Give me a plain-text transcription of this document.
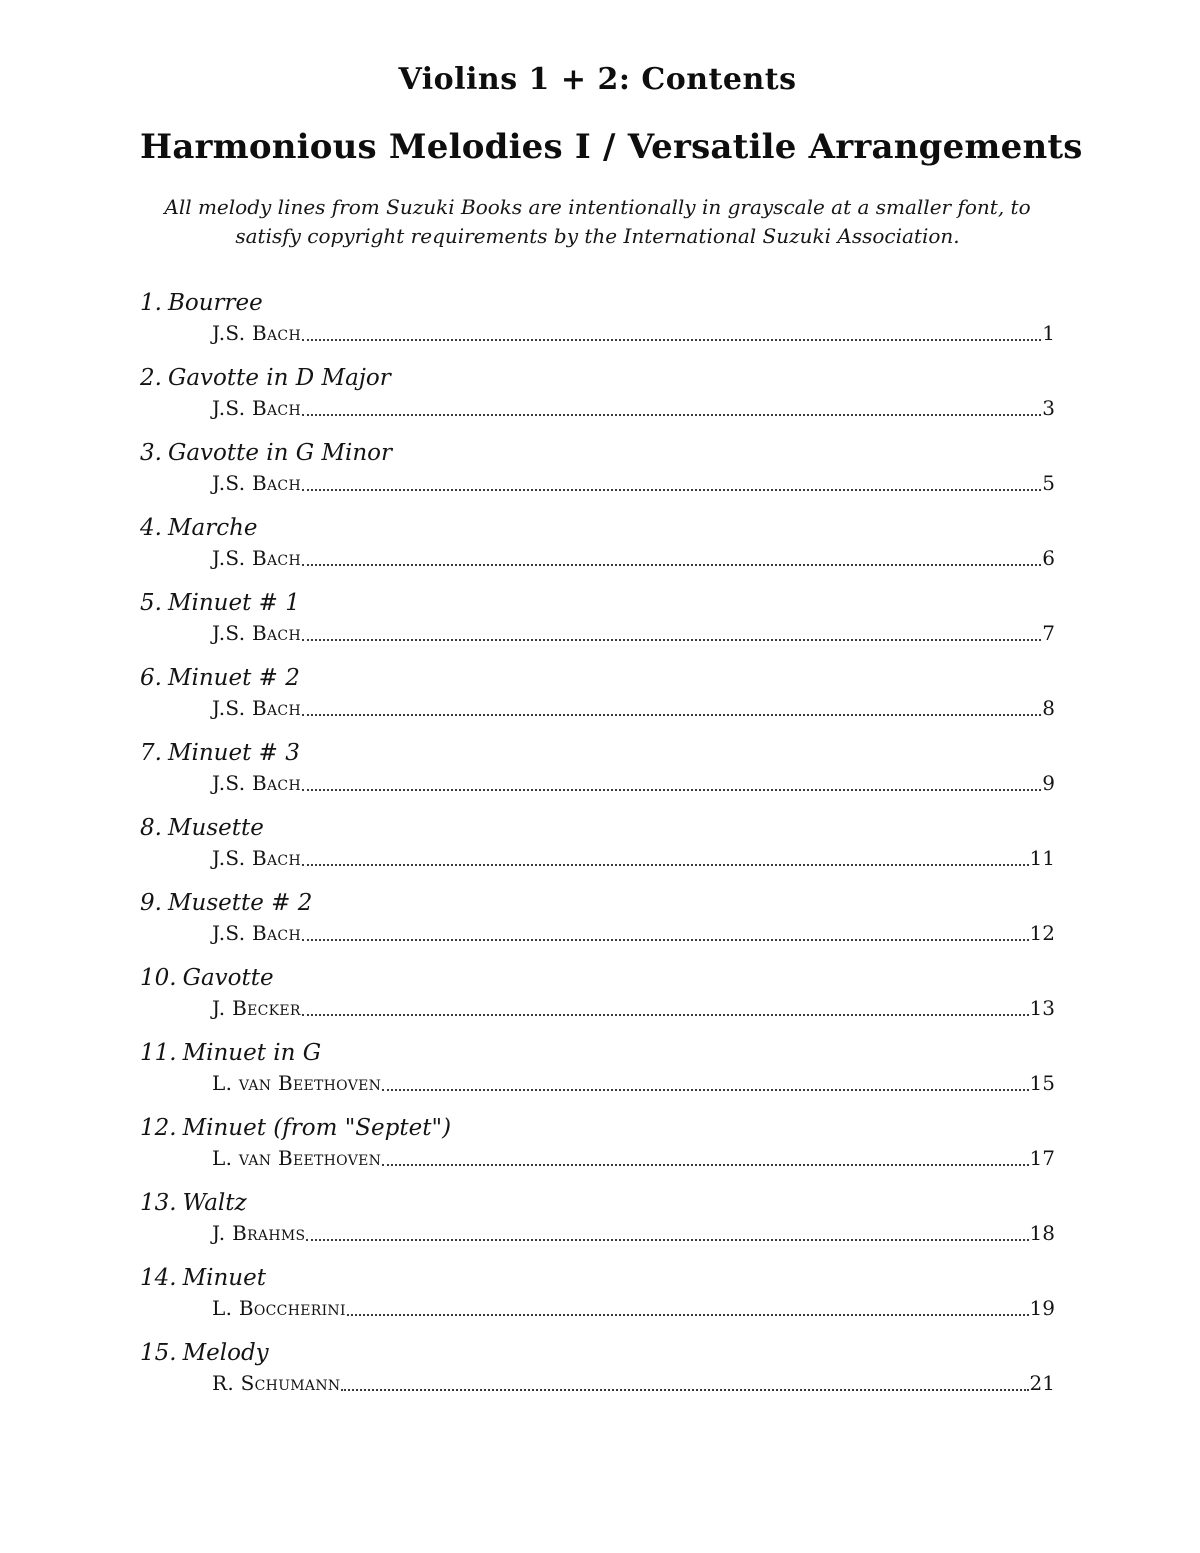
Violins 1 + 2: Contents
Harmonious Melodies I / Versatile Arrangements

All melody lines from Suzuki Books are intentionally in grayscale at a smaller font, to satisfy copyright requirements by the International Suzuki Association.

1. Bourree
J.S. Bach	1
2. Gavotte in D Major
J.S. Bach	3
3. Gavotte in G Minor
J.S. Bach	5
4. Marche
J.S. Bach	6
5. Minuet # 1
J.S. Bach	7
6. Minuet # 2
J.S. Bach	8
7. Minuet # 3
J.S. Bach	9
8. Musette
J.S. Bach	11
9. Musette # 2
J.S. Bach	12
10. Gavotte
J. Becker	13
11. Minuet in G
L. van Beethoven	15
12. Minuet (from "Septet")
L. van Beethoven	17
13. Waltz
J. Brahms	18
14. Minuet
L. Boccherini	19
15. Melody
R. Schumann	21
